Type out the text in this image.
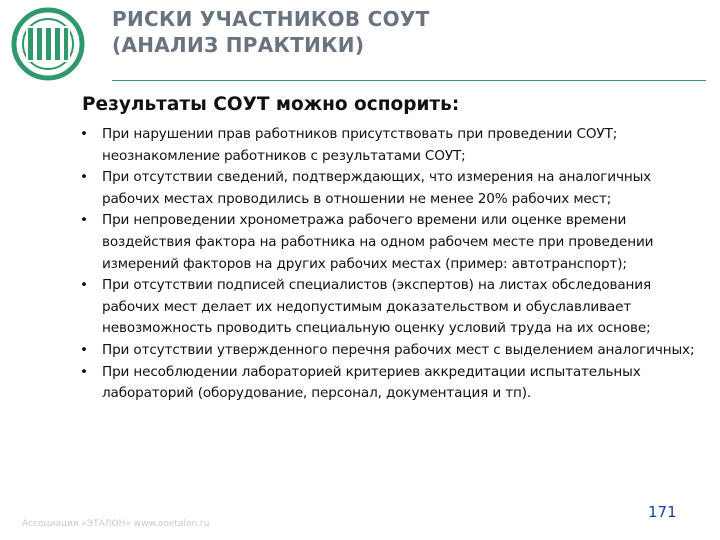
РИСКИ УЧАСТНИКОВ СОУТ
(АНАЛИЗ ПРАКТИКИ)
Результаты СОУТ можно оспорить:
• При нарушении прав работников присутствовать при проведении СОУТ; неознакомление работников с результатами СОУТ;
• При отсутствии сведений, подтверждающих, что измерения на аналогичных рабочих местах проводились в отношении не менее 20% рабочих мест;
• При непроведении хронометража рабочего времени или оценке времени воздействия фактора на работника на одном рабочем месте при проведении измерений факторов на других рабочих местах (пример: автотранспорт);
• При отсутствии подписей специалистов (экспертов) на листах обследования рабочих мест делает их недопустимым доказательством и обуславливает невозможность проводить специальную оценку условий труда на их основе;
• При отсутствии утвержденного перечня рабочих мест с выделением аналогичных;
• При несоблюдении лабораторией критериев аккредитации испытательных лабораторий (оборудование, персонал, документация и тп).
Ассоциация «ЭТАЛОН» www.ooetalon.ru
171
